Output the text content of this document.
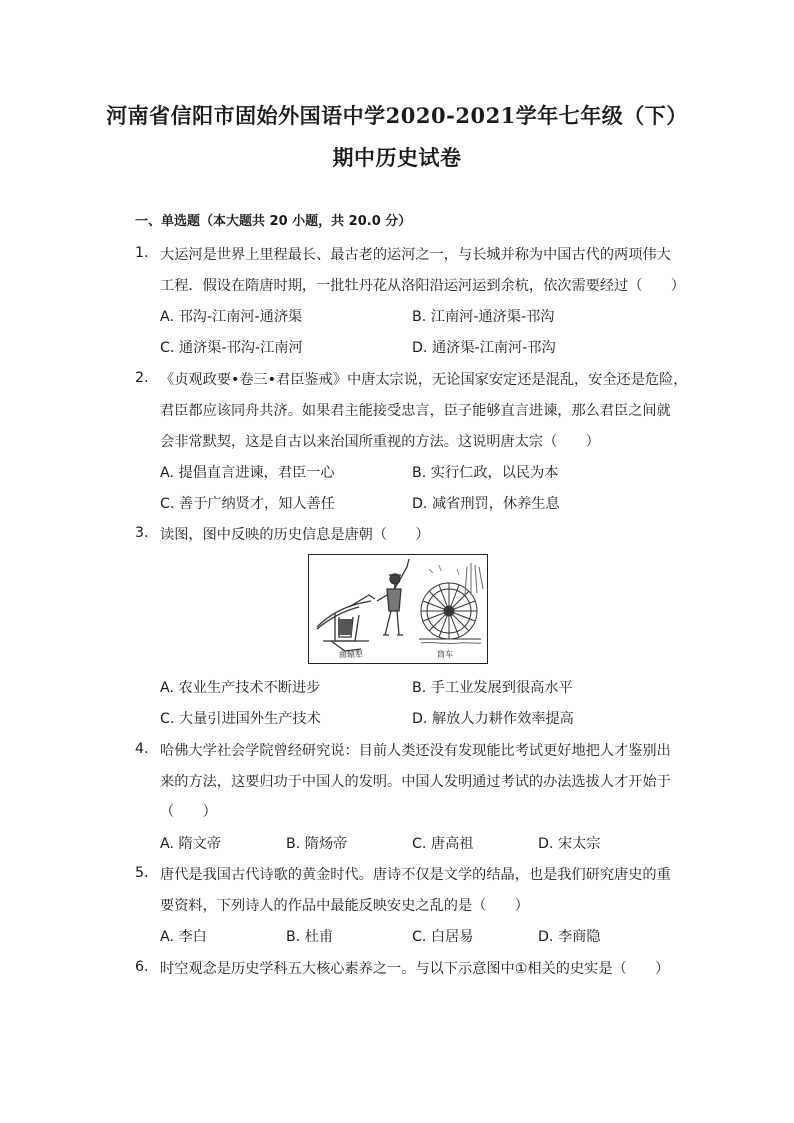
河南省信阳市固始外国语中学2020-2021学年七年级（下）
期中历史试卷
一、单选题（本大题共 20 小题，共 20.0 分）
1. 大运河是世界上里程最长、最古老的运河之一，与长城并称为中国古代的两项伟大
工程．假设在隋唐时期，一批牡丹花从洛阳沿运河运到余杭，依次需要经过（　　）
A. 邗沟-江南河-通济渠	B. 江南河-通济渠-邗沟
C. 通济渠-邗沟-江南河	D. 通济渠-江南河-邗沟
2. 《贞观政要•卷三•君臣鉴戒》中唐太宗说，无论国家安定还是混乱，安全还是危险，
君臣都应该同舟共济。如果君主能接受忠言，臣子能够直言进谏，那么君臣之间就
会非常默契，这是自古以来治国所重视的方法。这说明唐太宗（　　）
A. 提倡直言进谏，君臣一心	B. 实行仁政，以民为本
C. 善于广纳贤才，知人善任	D. 减省刑罚，休养生息
3. 读图，图中反映的历史信息是唐朝（　　）
曲辕犁	筒车
A. 农业生产技术不断进步	B. 手工业发展到很高水平
C. 大量引进国外生产技术	D. 解放人力耕作效率提高
4. 哈佛大学社会学院曾经研究说：目前人类还没有发现能比考试更好地把人才鉴别出
来的方法，这要归功于中国人的发明。中国人发明通过考试的办法选拔人才开始于
（　　）
A. 隋文帝	B. 隋炀帝	C. 唐高祖	D. 宋太宗
5. 唐代是我国古代诗歌的黄金时代。唐诗不仅是文学的结晶，也是我们研究唐史的重
要资料，下列诗人的作品中最能反映安史之乱的是（　　）
A. 李白	B. 杜甫	C. 白居易	D. 李商隐
6. 时空观念是历史学科五大核心素养之一。与以下示意图中①相关的史实是（　　）
